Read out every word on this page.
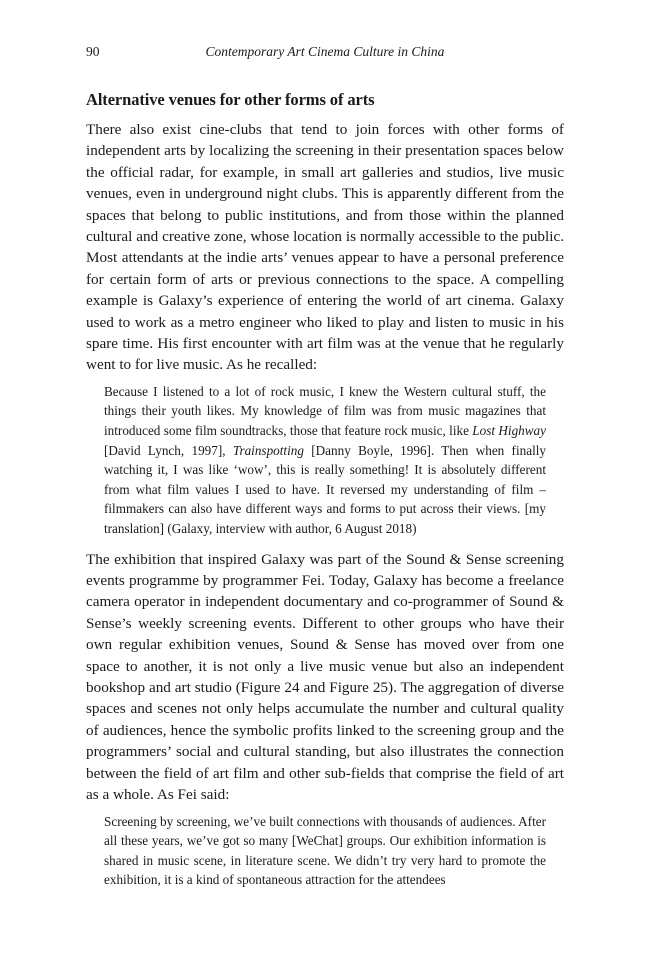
90	Contemporary Art Cinema Culture in China
Alternative venues for other forms of arts

There also exist cine-clubs that tend to join forces with other forms of independent arts by localizing the screening in their presentation spaces below the official radar, for example, in small art galleries and studios, live music venues, even in underground night clubs. This is apparently different from the spaces that belong to public institutions, and from those within the planned cultural and creative zone, whose location is normally accessible to the public. Most attendants at the indie arts’ venues appear to have a personal preference for certain form of arts or previous connections to the space. A compelling example is Galaxy’s experience of entering the world of art cinema. Galaxy used to work as a metro engineer who liked to play and listen to music in his spare time. His first encounter with art film was at the venue that he regularly went to for live music. As he recalled:

Because I listened to a lot of rock music, I knew the Western cultural stuff, the things their youth likes. My knowledge of film was from music magazines that introduced some film soundtracks, those that feature rock music, like Lost Highway [David Lynch, 1997], Trainspotting [Danny Boyle, 1996]. Then when finally watching it, I was like ‘wow’, this is really something! It is absolutely different from what film values I used to have. It reversed my understanding of film – filmmakers can also have different ways and forms to put across their views. [my translation] (Galaxy, interview with author, 6 August 2018)

The exhibition that inspired Galaxy was part of the Sound & Sense screening events programme by programmer Fei. Today, Galaxy has become a freelance camera operator in independent documentary and co-programmer of Sound & Sense’s weekly screening events. Different to other groups who have their own regular exhibition venues, Sound & Sense has moved over from one space to another, it is not only a live music venue but also an independent bookshop and art studio (Figure 24 and Figure 25). The aggregation of diverse spaces and scenes not only helps accumulate the number and cultural quality of audiences, hence the symbolic profits linked to the screening group and the programmers’ social and cultural standing, but also illustrates the connection between the field of art film and other sub-fields that comprise the field of art as a whole. As Fei said:

Screening by screening, we’ve built connections with thousands of audiences. After all these years, we’ve got so many [WeChat] groups. Our exhibition information is shared in music scene, in literature scene. We didn’t try very hard to promote the exhibition, it is a kind of spontaneous attraction for the attendees
